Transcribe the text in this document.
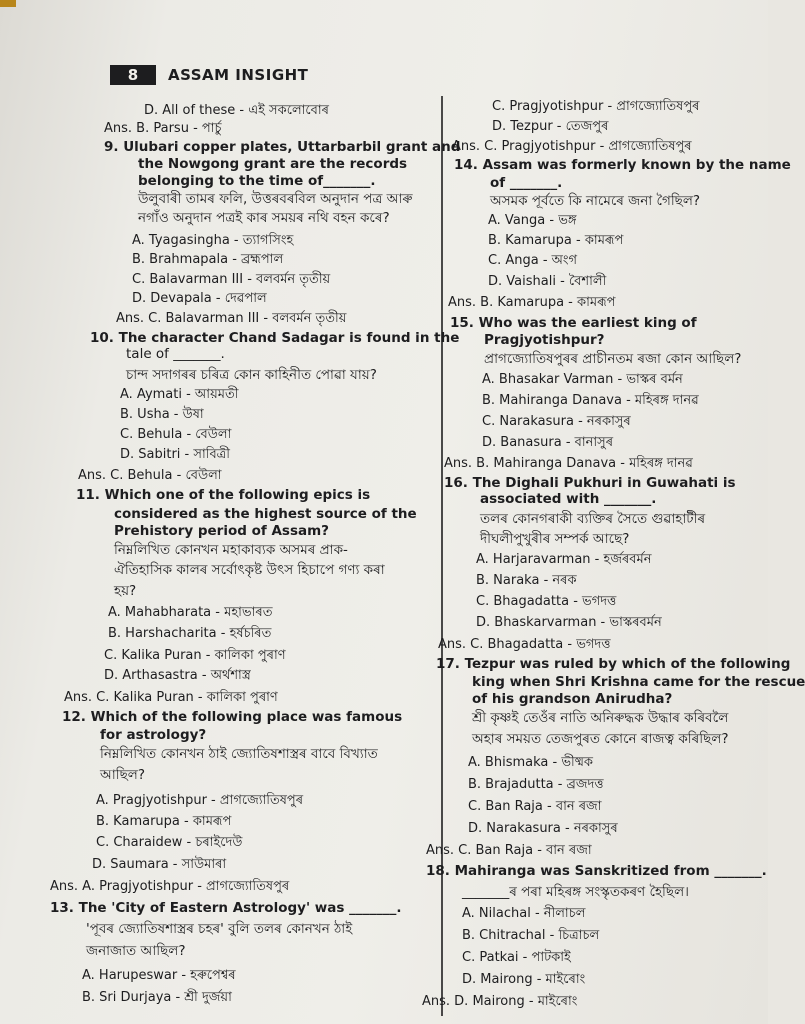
8	ASSAM INSIGHT
D. All of these - এই সকলোবোৰ
Ans. B. Parsu - পাৰ্চু
9. Ulubari copper plates, Uttarbarbil grant and
the Nowgong grant are the records
belonging to the time of_______.
উলুবাৰী তামৰ ফলি, উত্তৰবৰবিল অনুদান পত্ৰ আৰু
নগাঁও অনুদান পত্ৰই কাৰ সময়ৰ নথি বহন কৰে?
A. Tyagasingha - ত্যাগসিংহ
B. Brahmapala - ব্ৰহ্মপাল
C. Balavarman III - বলবৰ্মন তৃতীয়
D. Devapala - দেৱপাল
Ans. C. Balavarman III - বলবৰ্মন তৃতীয়
10. The character Chand Sadagar is found in the
tale of _______.
চান্দ সদাগৰৰ চৰিত্ৰ কোন কাহিনীত পোৱা যায়?
A. Aymati - আয়মতী
B. Usha - উষা
C. Behula - বেউলা
D. Sabitri - সাবিত্ৰী
Ans. C. Behula - বেউলা
11. Which one of the following epics is
considered as the highest source of the
Prehistory period of Assam?
নিম্নলিখিত কোনখন মহাকাব্যক অসমৰ প্ৰাক-
ঐতিহাসিক কালৰ সৰ্বোৎকৃষ্ট উৎস হিচাপে গণ্য কৰা
হয়?
A. Mahabharata - মহাভাৰত
B. Harshacharita - হৰ্ষচৰিত
C. Kalika Puran - কালিকা পুৰাণ
D. Arthasastra - অৰ্থশাস্ত্ৰ
Ans. C. Kalika Puran - কালিকা পুৰাণ
12. Which of the following place was famous
for astrology?
নিম্নলিখিত কোনখন ঠাই জ্যোতিষশাস্ত্ৰৰ বাবে বিখ্যাত
আছিল?
A. Pragjyotishpur - প্ৰাগজ্যোতিষপুৰ
B. Kamarupa - কামৰূপ
C. Charaidew - চৰাইদেউ
D. Saumara - সাউমাৰা
Ans. A. Pragjyotishpur - প্ৰাগজ্যোতিষপুৰ
13. The 'City of Eastern Astrology' was _______.
'পূবৰ জ্যোতিষশাস্ত্ৰৰ চহৰ' বুলি তলৰ কোনখন ঠাই
জনাজাত আছিল?
A. Harupeswar - হৰুপেশ্বৰ
B. Sri Durjaya - শ্ৰী দুৰ্জয়া
C. Pragjyotishpur - প্ৰাগজ্যোতিষপুৰ
D. Tezpur - তেজপুৰ
Ans. C. Pragjyotishpur - প্ৰাগজ্যোতিষপুৰ
14. Assam was formerly known by the name
of _______.
অসমক পূৰ্বতে কি নামেৰে জনা গৈছিল?
A. Vanga - ভঙ্গ
B. Kamarupa - কামৰূপ
C. Anga - অংগ
D. Vaishali - বৈশালী
Ans. B. Kamarupa - কামৰূপ
15. Who was the earliest king of
Pragjyotishpur?
প্ৰাগজ্যোতিষপুৰৰ প্ৰাচীনতম ৰজা কোন আছিল?
A. Bhasakar Varman - ভাস্কৰ বৰ্মন
B. Mahiranga Danava - মহিৰঙ্গ দানৱ
C. Narakasura - নৰকাসুৰ
D. Banasura - বানাসুৰ
Ans. B. Mahiranga Danava - মহিৰঙ্গ দানৱ
16. The Dighali Pukhuri in Guwahati is
associated with _______.
তলৰ কোনগৰাকী ব্যক্তিৰ সৈতে গুৱাহাটীৰ
দীঘলীপুখুৰীৰ সম্পৰ্ক আছে?
A. Harjaravarman - হৰ্জৰবৰ্মন
B. Naraka - নৰক
C. Bhagadatta - ভগদত্ত
D. Bhaskarvarman - ভাস্কৰবৰ্মন
Ans. C. Bhagadatta - ভগদত্ত
17. Tezpur was ruled by which of the following
king when Shri Krishna came for the rescue
of his grandson Anirudha?
শ্ৰী কৃষ্ণই তেওঁৰ নাতি অনিৰুদ্ধক উদ্ধাৰ কৰিবলৈ
অহাৰ সময়ত তেজপুৰত কোনে ৰাজত্ব কৰিছিল?
A. Bhismaka - ভীষ্মক
B. Brajadutta - ব্ৰজদত্ত
C. Ban Raja - বান ৰজা
D. Narakasura - নৰকাসুৰ
Ans. C. Ban Raja - বান ৰজা
18. Mahiranga was Sanskritized from _______.
_______ৰ পৰা মহিৰঙ্গ সংস্কৃতকৰণ হৈছিল।
A. Nilachal - নীলাচল
B. Chitrachal - চিত্ৰাচল
C. Patkai - পাটকাই
D. Mairong - মাইৰোং
Ans. D. Mairong - মাইৰোং
